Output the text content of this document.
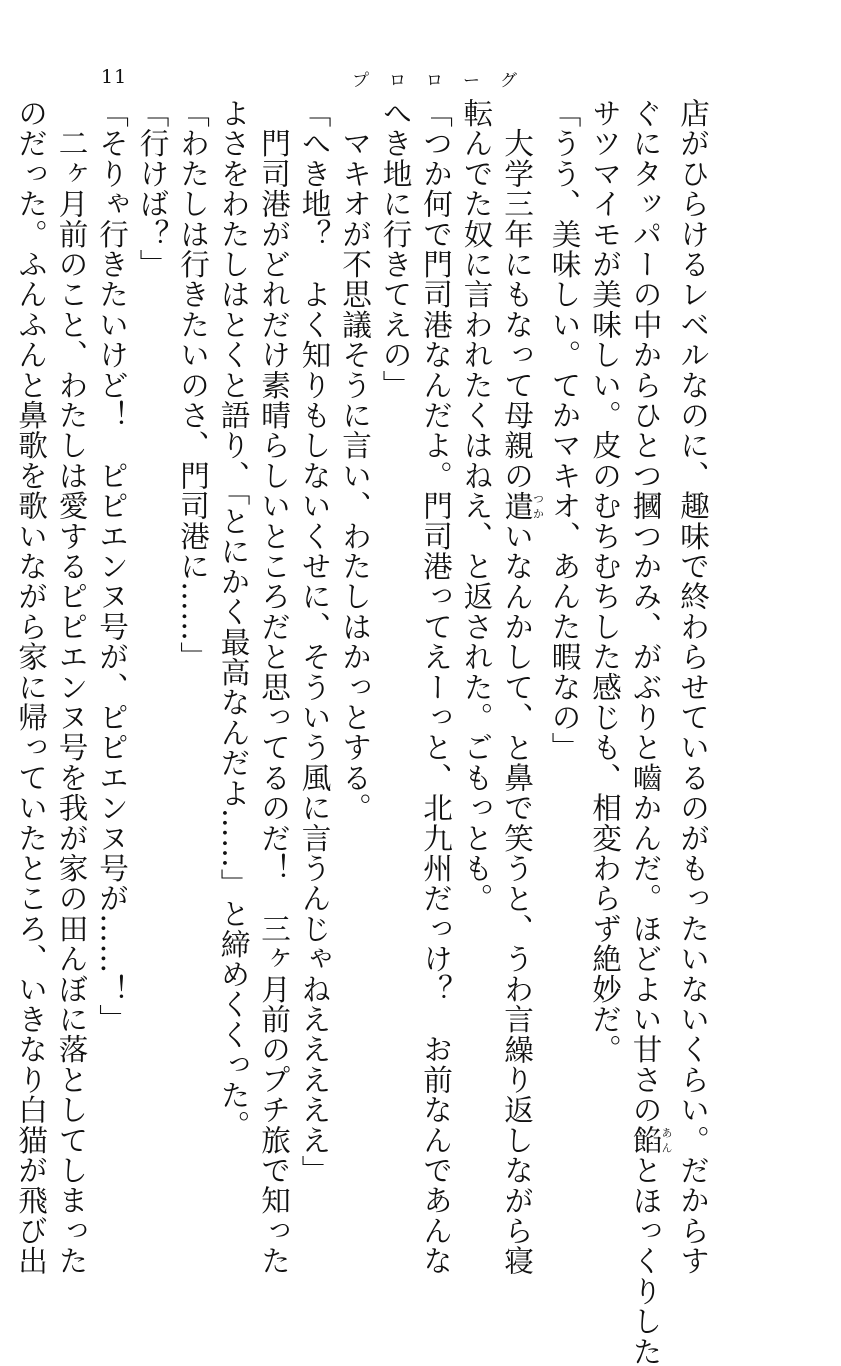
11	プロローグ

店がひらけるレベルなのに、趣味で終わらせているのがもったいないくらい。だからす

ぐにタッパーの中からひとつ摑つかみ、がぶりと嚙かんだ。ほどよい甘さの餡あんとほっくりした

サツマイモが美味しい。皮のむちむちした感じも、相変わらず絶妙だ。

「うう、美味しい。てかマキオ、あんた暇なの」

　大学三年にもなって母親の遣つかいなんかして、と鼻で笑うと、うわ言繰り返しながら寝

転んでた奴に言われたくはねえ、と返された。ごもっとも。

「つか何で門司港なんだよ。門司港ってえーっと、北九州だっけ？　お前なんであんな

へき地に行きてえの」

　マキオが不思議そうに言い、わたしはかっとする。

「へき地？　よく知りもしないくせに、そういう風に言うんじゃねえええええ」

　門司港がどれだけ素晴らしいところだと思ってるのだ！　三ヶ月前のプチ旅で知った

よさをわたしはとくと語り、「とにかく最高なんだよ……」と締めくくった。

「わたしは行きたいのさ、門司港に……」

「行けば？」

「そりゃ行きたいけど！　ピピエンヌ号が、ピピエンヌ号が……！」

　二ヶ月前のこと、わたしは愛するピピエンヌ号を我が家の田んぼに落としてしまった

のだった。ふんふんと鼻歌を歌いながら家に帰っていたところ、いきなり白猫が飛び出
